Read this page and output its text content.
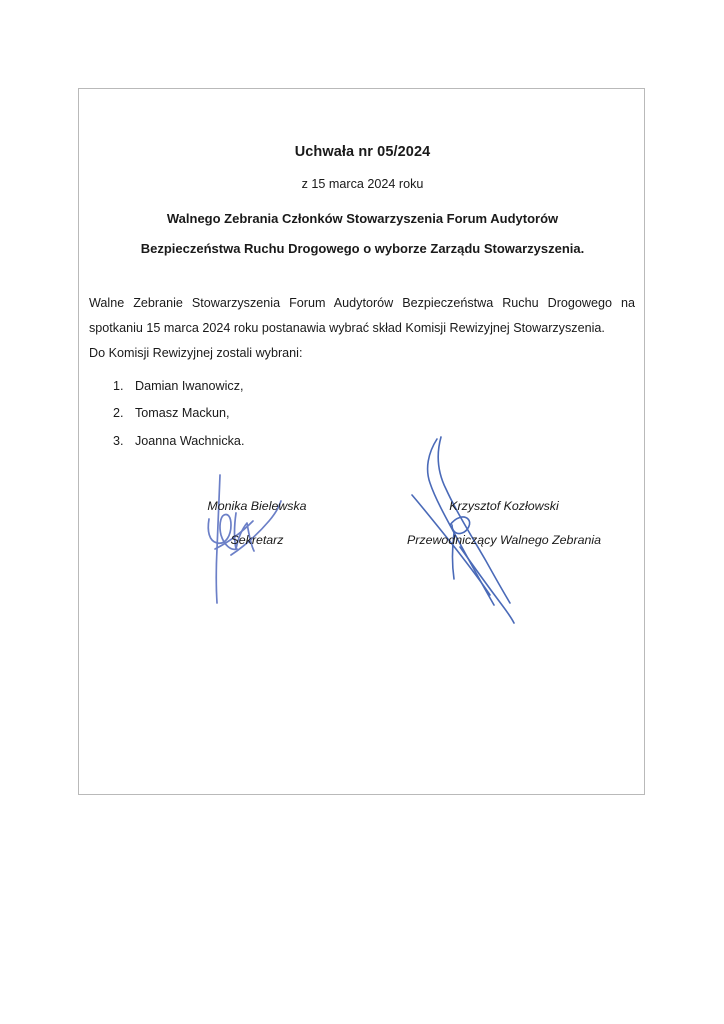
Uchwała nr 05/2024
z 15 marca 2024 roku
Walnego Zebrania Członków Stowarzyszenia Forum Audytorów
Bezpieczeństwa Ruchu Drogowego o wyborze Zarządu Stowarzyszenia.

Walne Zebranie Stowarzyszenia Forum Audytorów Bezpieczeństwa Ruchu Drogowego na spotkaniu 15 marca 2024 roku postanawia wybrać skład Komisji Rewizyjnej Stowarzyszenia.

Do Komisji Rewizyjnej zostali wybrani:

1. Damian Iwanowicz,
2. Tomasz Mackun,
3. Joanna Wachnicka.
Monika Bielewska
Sekretarz
Krzysztof Kozłowski
Przewodniczący Walnego Zebrania
